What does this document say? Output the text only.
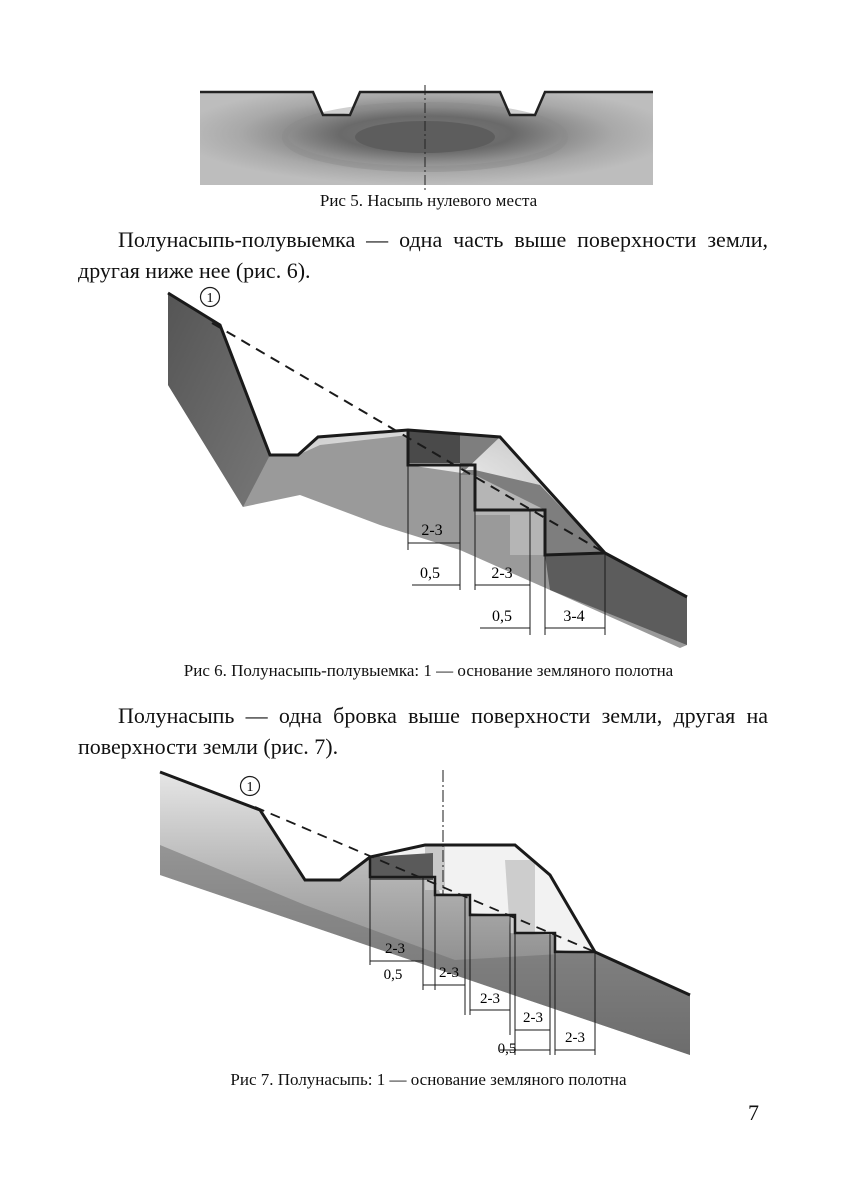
Рис 5. Насыпь нулевого места

Полунасыпь-полувыемка — одна часть выше поверхности земли, другая ниже нее (рис. 6).

1
2-3
0,5	2-3
0,5	3-4
Рис 6. Полунасыпь-полувыемка: 1 — основание земляного полотна

Полунасыпь — одна бровка выше поверхности земли, другая на поверхности земли (рис. 7).

1
2-3
0,5 2-3
2-3
2-3
0,5
2-3
Рис 7. Полунасыпь: 1 — основание земляного полотна
7
